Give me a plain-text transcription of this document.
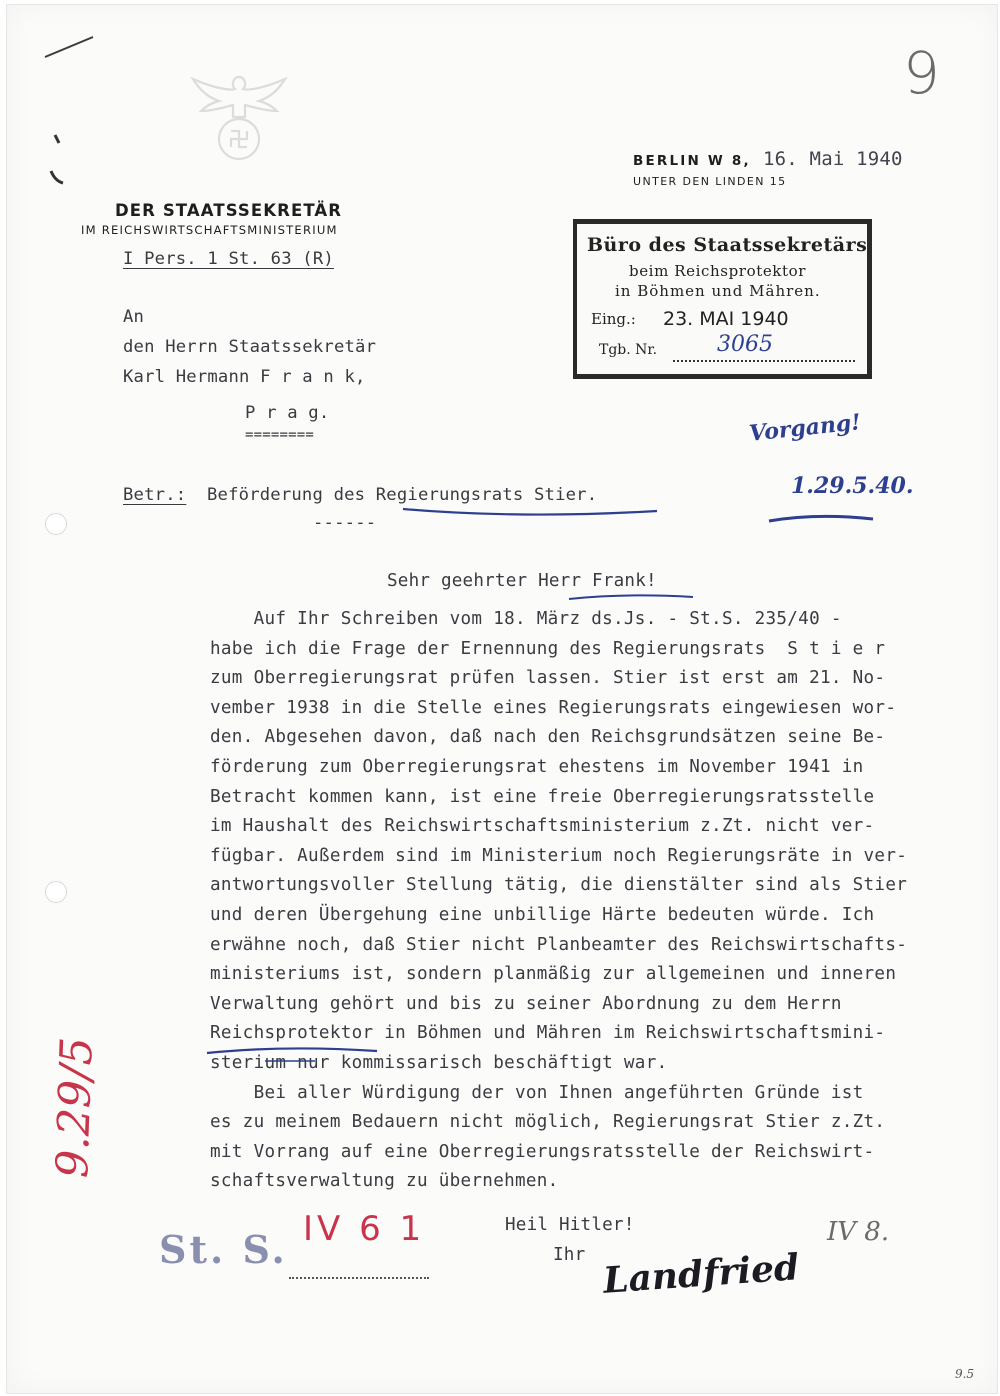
9
DER STAATSSEKRETÄR
IM REICHSWIRTSCHAFTSMINISTERIUM
I Pers. 1 St. 63 (R)
BERLIN W 8, 16. Mai 1940
UNTER DEN LINDEN 15
Büro des Staatssekretärs
beim Reichsprotektor
in Böhmen und Mähren.
Eing.: 23. MAI 1940
Tgb. Nr.	3065
Vorgang!
1.29.5.40.
An
den Herrn Staatssekretär
Karl Hermann F r a n k,
P r a g.
========
Betr.: Beförderung des Regierungsrats Stier.
------
Sehr geehrter Herr Frank!
Auf Ihr Schreiben vom 18. März ds.Js. - St.S. 235/40 -
habe ich die Frage der Ernennung des Regierungsrats  S t i e r
zum Oberregierungsrat prüfen lassen. Stier ist erst am 21. No-
vember 1938 in die Stelle eines Regierungsrats eingewiesen wor-
den. Abgesehen davon, daß nach den Reichsgrundsätzen seine Be-
förderung zum Oberregierungsrat ehestens im November 1941 in
Betracht kommen kann, ist eine freie Oberregierungsratsstelle
im Haushalt des Reichswirtschaftsministerium z.Zt. nicht ver-
fügbar. Außerdem sind im Ministerium noch Regierungsräte in ver-
antwortungsvoller Stellung tätig, die dienstälter sind als Stier
und deren Übergehung eine unbillige Härte bedeuten würde. Ich
erwähne noch, daß Stier nicht Planbeamter des Reichswirtschafts-
ministeriums ist, sondern planmäßig zur allgemeinen und inneren
Verwaltung gehört und bis zu seiner Abordnung zu dem Herrn
Reichsprotektor in Böhmen und Mähren im Reichswirtschaftsmini-
sterium nur kommissarisch beschäftigt war.
Bei aller Würdigung der von Ihnen angeführten Gründe ist
es zu meinem Bedauern nicht möglich, Regierungsrat Stier z.Zt.
mit Vorrang auf eine Oberregierungsratsstelle der Reichswirt-
schaftsverwaltung zu übernehmen.
Heil Hitler!
Ihr Landfried
IV 8.
St. S. IV 6 1
9.29/5
9.5
